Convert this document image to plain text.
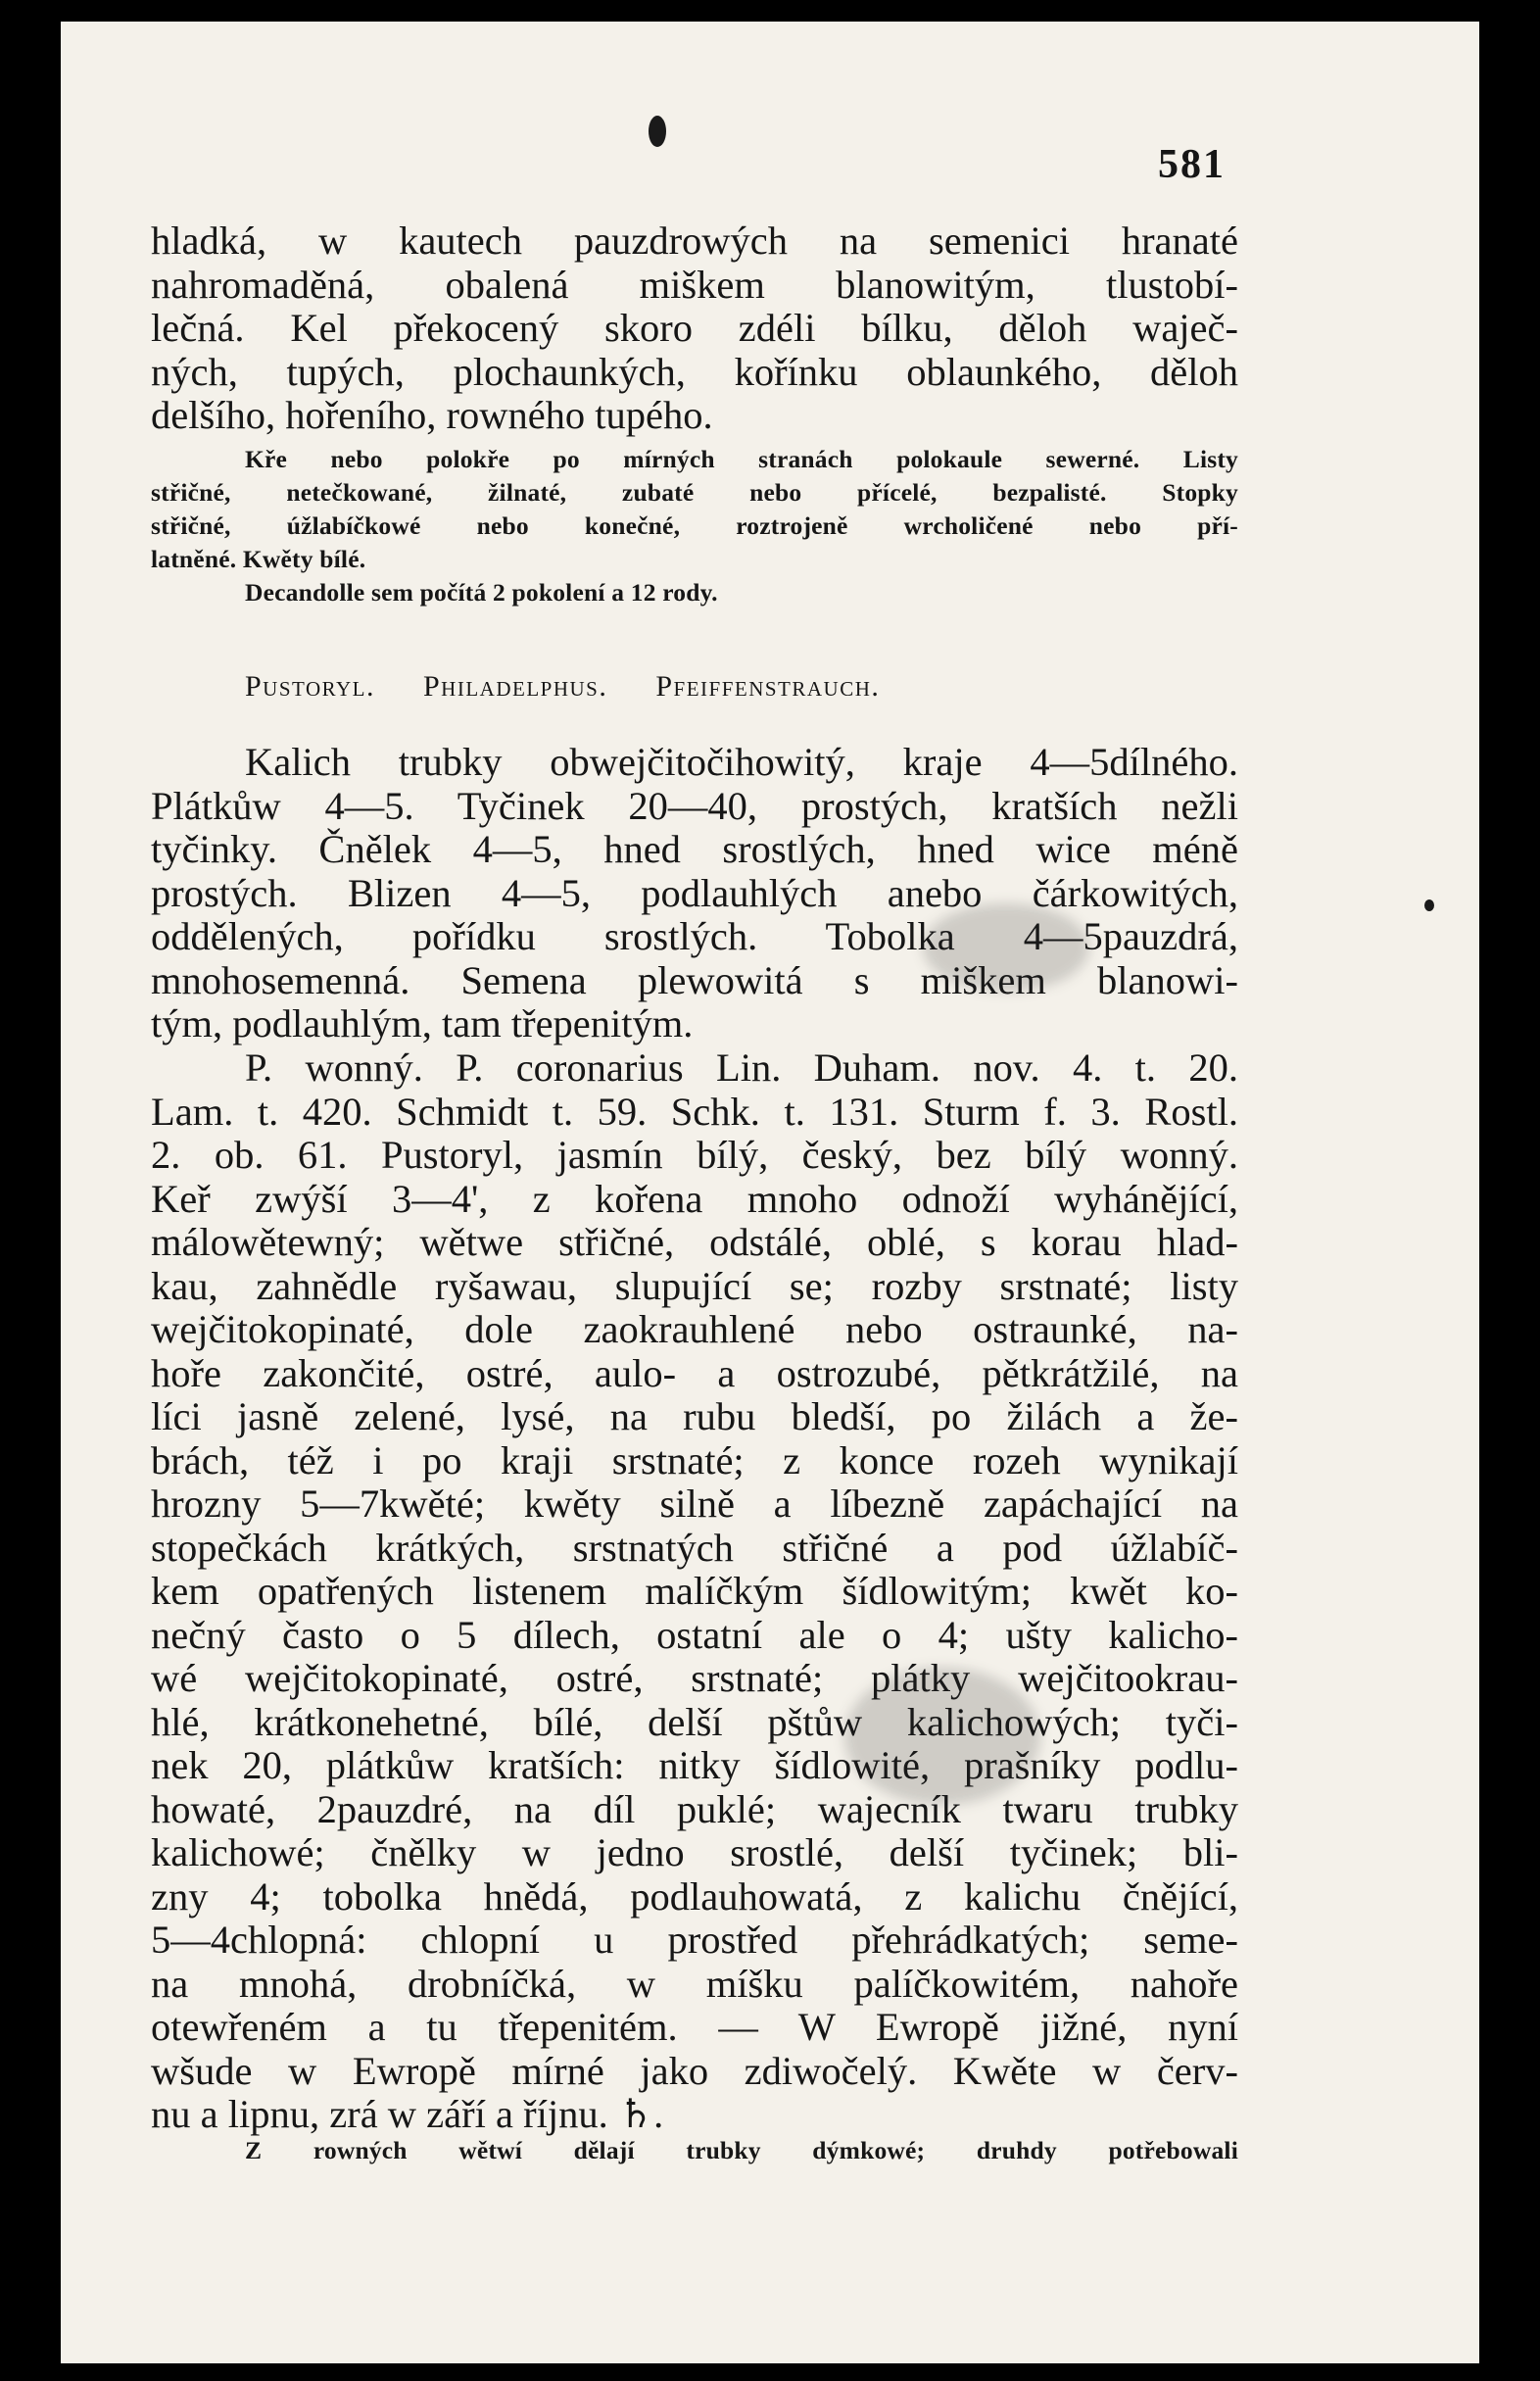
581
hladká, w kautech pauzdrowých na semenici hranaté
nahromaděná, obalená miškem blanowitým, tlustobí-
lečná. Kel překocený skoro zdéli bílku, děloh waječ-
ných, tupých, plochaunkých, kořínku oblaunkého, děloh
delšího, hořeního, rowného tupého.
Kře nebo polokře po mírných stranách polokaule sewerné. Listy
střičné, netečkowané, žilnaté, zubaté nebo přícelé, bezpalisté. Stopky
střičné, úžlabíčkowé nebo konečné, roztrojeně wrcholičené nebo pří-
latněné. Kwěty bílé.
Decandolle sem počítá 2 pokolení a 12 rody.
Pustoryl. Philadelphus. Pfeiffenstrauch.
Kalich trubky obwejčitočihowitý, kraje 4—5dílného.
Plátkůw 4—5. Tyčinek 20—40, prostých, kratších nežli
tyčinky. Čnělek 4—5, hned srostlých, hned wice méně
prostých. Blizen 4—5, podlauhlých anebo čárkowitých,
oddělených, pořídku srostlých. Tobolka 4—5pauzdrá,
mnohosemenná. Semena plewowitá s miškem blanowi-
tým, podlauhlým, tam třepenitým.
P. wonný. P. coronarius Lin. Duham. nov. 4. t. 20.
Lam. t. 420. Schmidt t. 59. Schk. t. 131. Sturm f. 3. Rostl.
2. ob. 61. Pustoryl, jasmín bílý, český, bez bílý wonný.
Keř zwýší 3—4', z kořena mnoho odnoží wyhánějící,
málowětewný; wětwe střičné, odstálé, oblé, s korau hlad-
kau, zahnědle ryšawau, slupující se; rozby srstnaté; listy
wejčitokopinaté, dole zaokrauhlené nebo ostraunké, na-
hoře zakončité, ostré, aulo- a ostrozubé, pětkrátžilé, na
líci jasně zelené, lysé, na rubu bledší, po žilách a že-
brách, též i po kraji srstnaté; z konce rozeh wynikají
hrozny 5—7kwěté; kwěty silně a líbezně zapáchající na
stopečkách krátkých, srstnatých střičné a pod úžlabíč-
kem opatřených listenem malíčkým šídlowitým; kwět ko-
nečný často o 5 dílech, ostatní ale o 4; ušty kalicho-
wé wejčitokopinaté, ostré, srstnaté; plátky wejčitookrau-
hlé, krátkonehetné, bílé, delší pštůw kalichowých; tyči-
nek 20, plátkůw kratších: nitky šídlowité, prašníky podlu-
howaté, 2pauzdré, na díl puklé; wajecník twaru trubky
kalichowé; čnělky w jedno srostlé, delší tyčinek; bli-
zny 4; tobolka hnědá, podlauhowatá, z kalichu čnějící,
5—4chlopná: chlopní u prostřed přehrádkatých; seme-
na mnohá, drobníčká, w míšku palíčkowitém, nahoře
otewřeném a tu třepenitém. — W Ewropě jižné, nyní
wšude w Ewropě mírné jako zdiwočelý. Kwěte w červ-
nu a lipnu, zrá w září a říjnu. ♄.
Z rowných wětwí dělají trubky dýmkowé; druhdy potřebowali
